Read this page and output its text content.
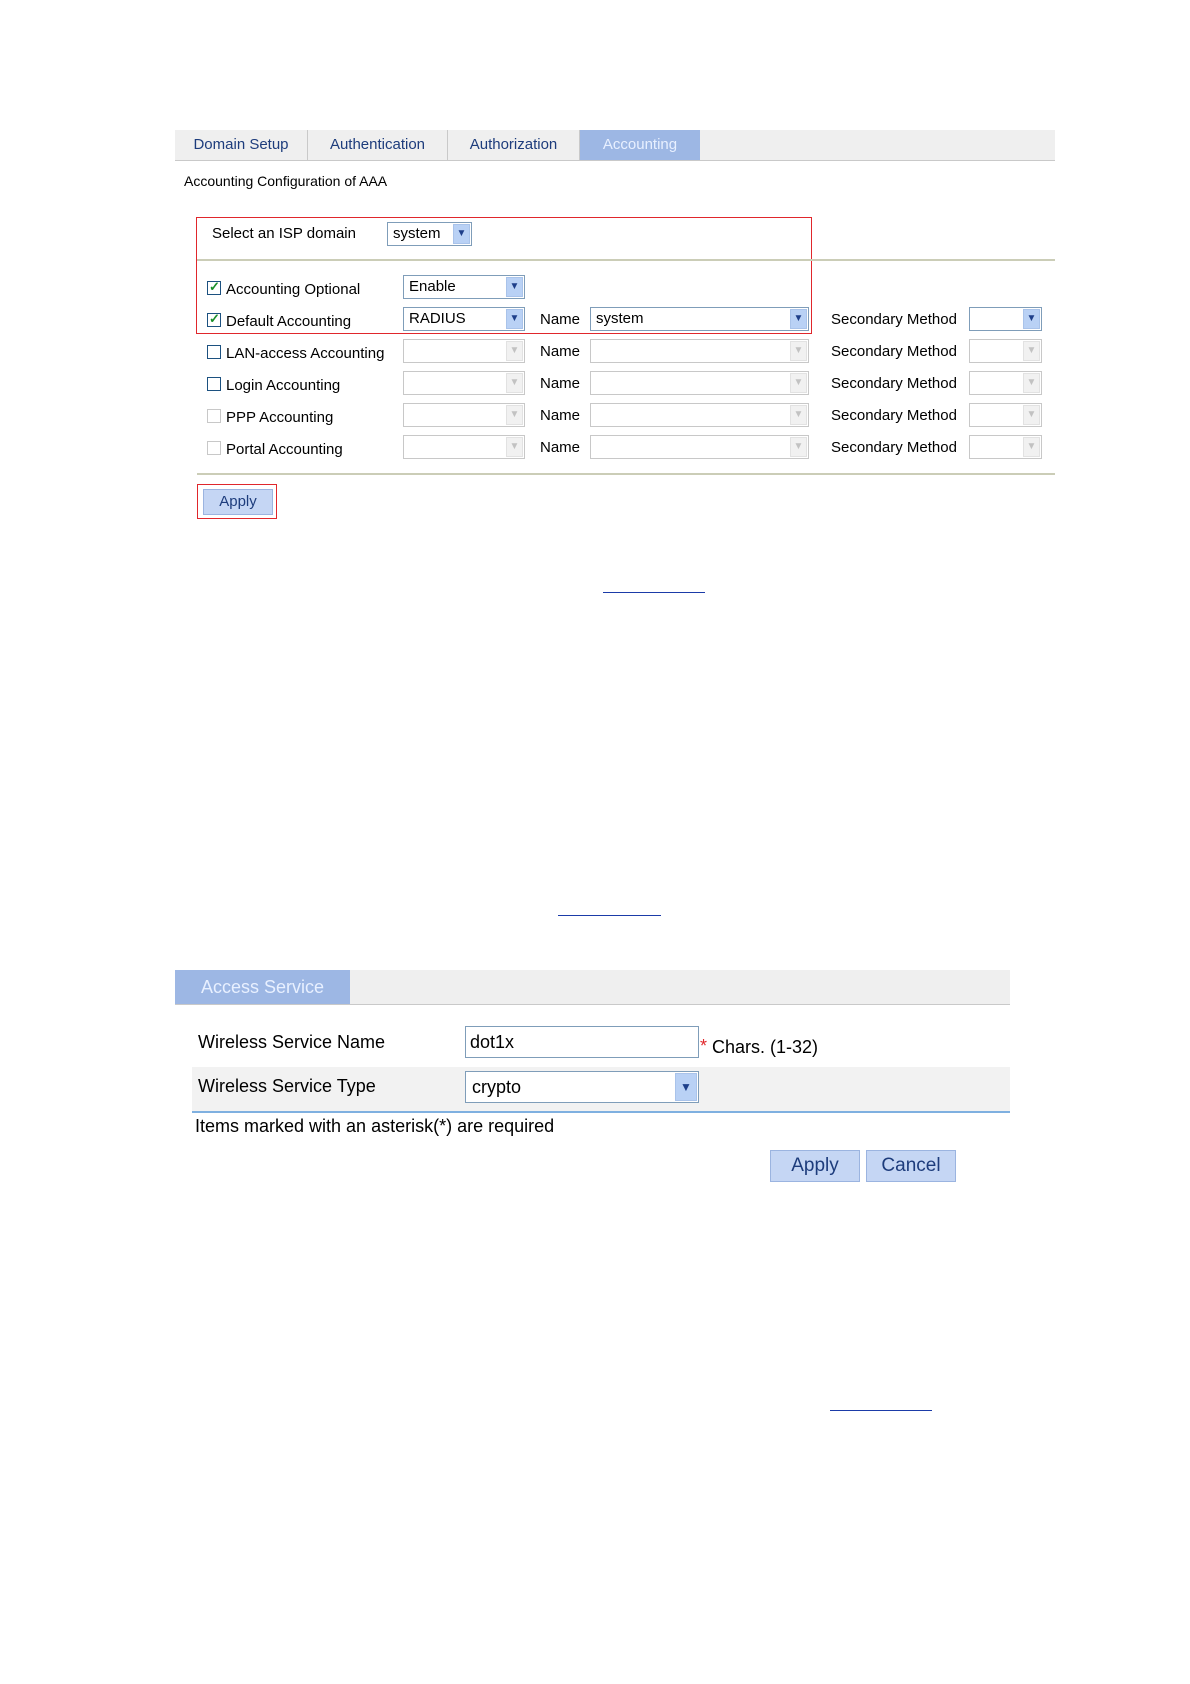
Domain Setup	Authentication	Authorization	Accounting
Accounting Configuration of AAA
Select an ISP domain	system	▼
✓
Accounting Optional	Enable	▼
✓
Default Accounting	RADIUS	▼ Name	system	▼ Secondary Method	▼
LAN-access Accounting	▼ Name	▼ Secondary Method	▼
Login Accounting	▼ Name	▼ Secondary Method	▼
PPP Accounting	▼ Name	▼ Secondary Method	▼
Portal Accounting	▼ Name	▼ Secondary Method	▼
Apply
Access Service
Wireless Service Name	dot1x	* Chars. (1-32)
Wireless Service Type	crypto	▼
Items marked with an asterisk(*) are required
Apply	Cancel
